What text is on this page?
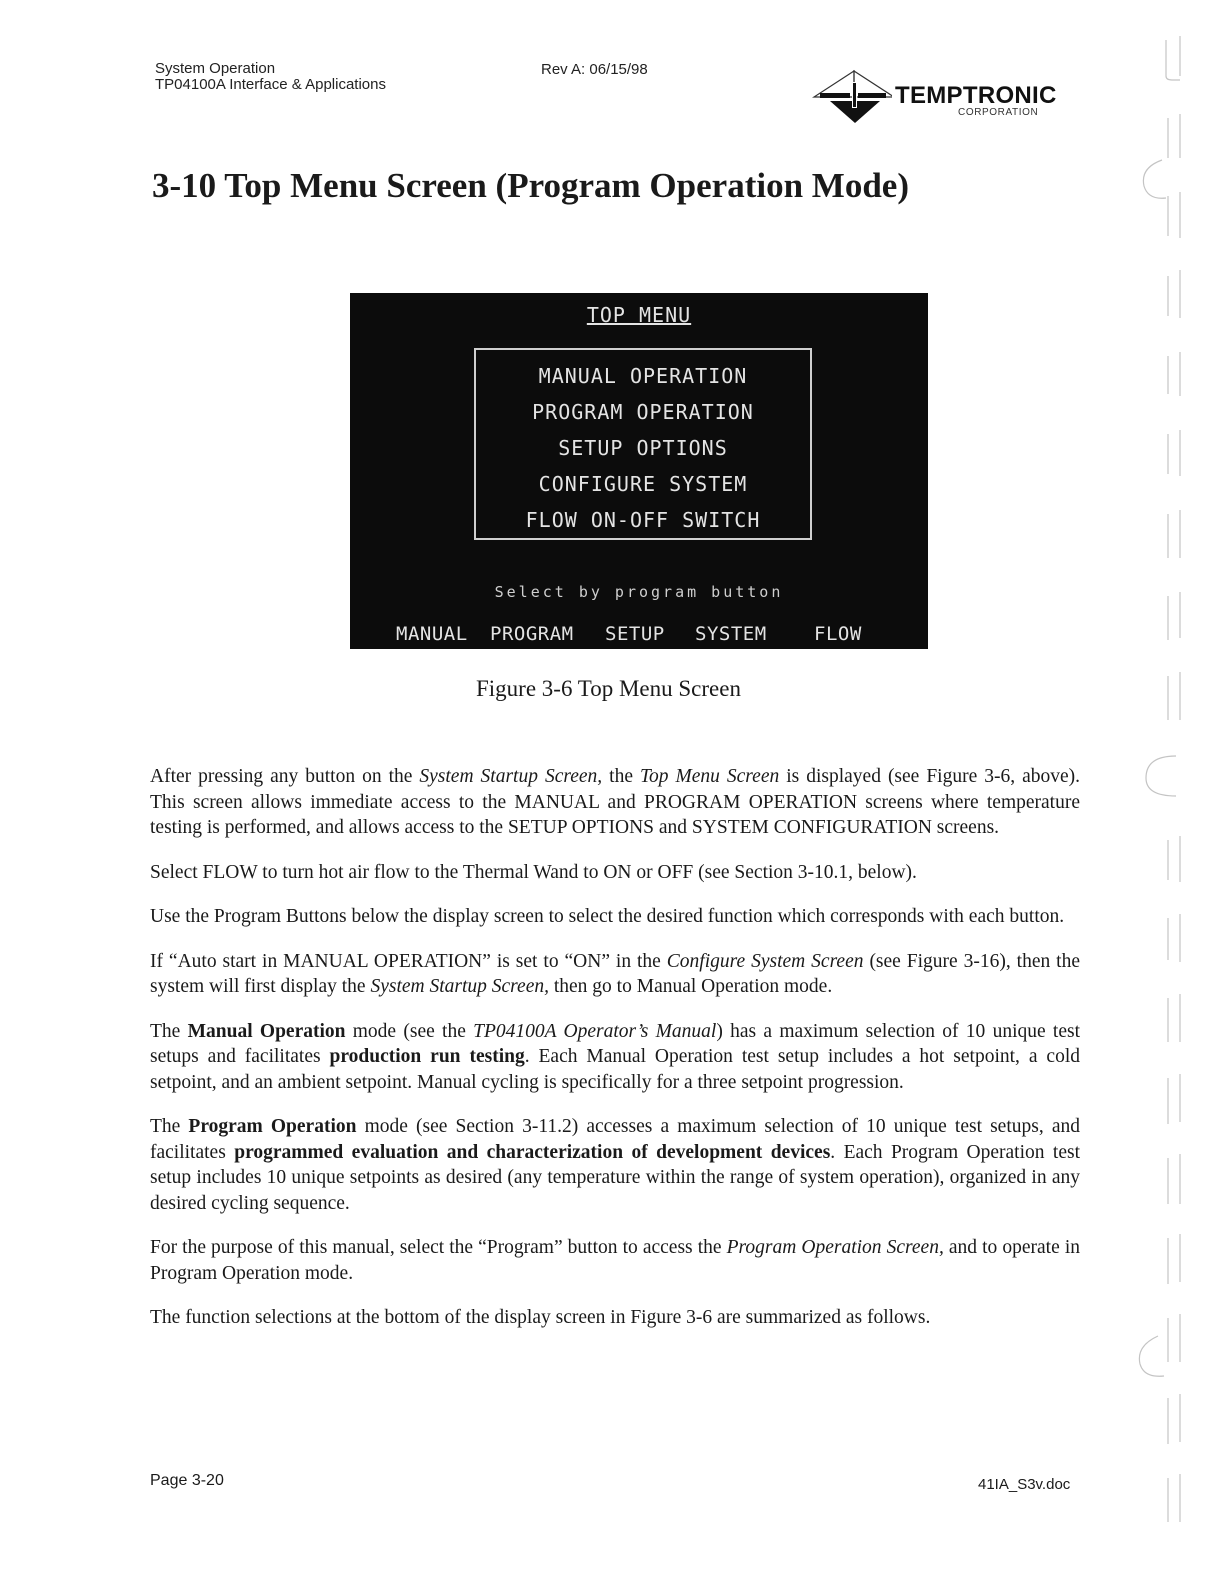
System Operation
TP04100A Interface & Applications
Rev A: 06/15/98
TEMPTRONIC
CORPORATION
3-10 Top Menu Screen (Program Operation Mode)
TOP MENU
MANUAL OPERATION
PROGRAM OPERATION
SETUP OPTIONS
CONFIGURE SYSTEM
FLOW ON-OFF SWITCH
Select by program button
MANUAL PROGRAM SETUP SYSTEM FLOW
Figure 3-6 Top Menu Screen

After pressing any button on the System Startup Screen, the Top Menu Screen is displayed (see Figure 3-6, above). This screen allows immediate access to the MANUAL and PROGRAM OPERATION screens where temperature testing is performed, and allows access to the SETUP OPTIONS and SYSTEM CONFIGURATION screens.

Select FLOW to turn hot air flow to the Thermal Wand to ON or OFF (see Section 3-10.1, below).

Use the Program Buttons below the display screen to select the desired function which corresponds with each button.

If “Auto start in MANUAL OPERATION” is set to “ON” in the Configure System Screen (see Figure 3-16), then the system will first display the System Startup Screen, then go to Manual Operation mode.

The Manual Operation mode (see the TP04100A Operator’s Manual) has a maximum selection of 10 unique test setups and facilitates production run testing. Each Manual Operation test setup includes a hot setpoint, a cold setpoint, and an ambient setpoint. Manual cycling is specifically for a three setpoint progression.

The Program Operation mode (see Section 3-11.2) accesses a maximum selection of 10 unique test setups, and facilitates programmed evaluation and characterization of development devices. Each Program Operation test setup includes 10 unique setpoints as desired (any temperature within the range of system operation), organized in any desired cycling sequence.

For the purpose of this manual, select the “Program” button to access the Program Operation Screen, and to operate in Program Operation mode.

The function selections at the bottom of the display screen in Figure 3-6 are summarized as follows.

Page 3-20	41IA_S3v.doc
